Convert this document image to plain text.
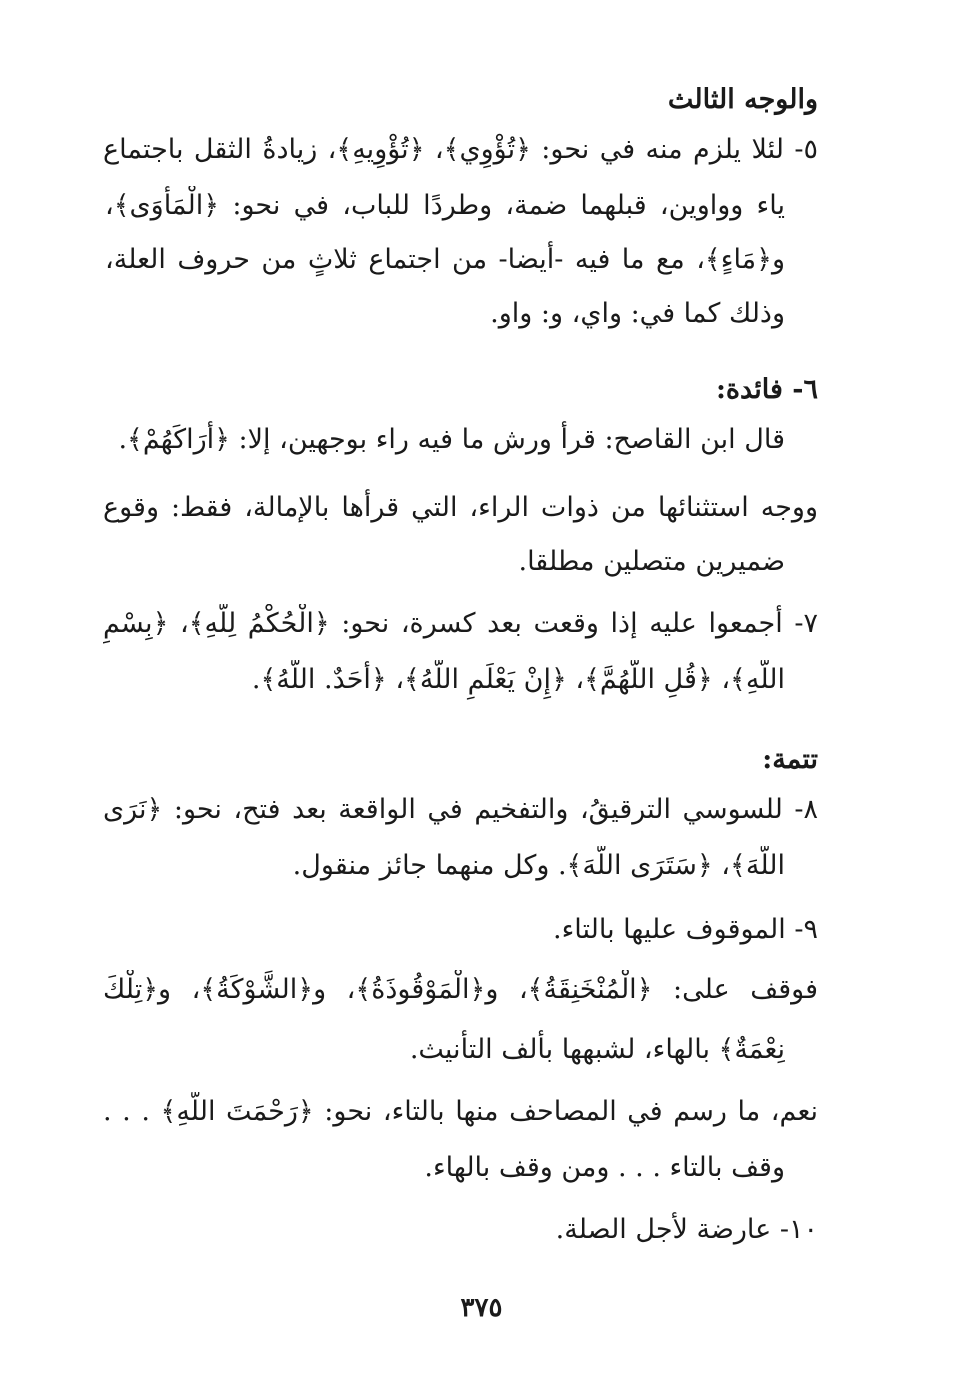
والوجه الثالث
٥- لئلا يلزم منه في نحو: ﴿تُؤْوِي﴾، ﴿تُؤْوِيهِ﴾، زيادةُ الثقل باجتماع
ياء وواوين، قبلهما ضمة، وطردًا للباب، في نحو: ﴿الْمَأْوَى﴾،
و﴿مَاءٍ﴾، مع ما فيه -أيضا- من اجتماع ثلاثٍ من حروف العلة،
وذلك كما في: واي، و: واو.
٦- فائدة:
قال ابن القاصح: قرأ ورش ما فيه راء بوجهين، إلا: ﴿أَرَاكَهُمْ﴾.
ووجه استثنائها من ذوات الراء، التي قرأها بالإمالة، فقط: وقوع
ضميرين متصلين مطلقا.
٧- أجمعوا عليه إذا وقعت بعد كسرة، نحو: ﴿الْحُكْمُ لِلَّهِ﴾، ﴿بِسْمِ
اللَّهِ﴾، ﴿قُلِ اللَّهُمَّ﴾، ﴿إِنْ يَعْلَمِ اللَّهُ﴾، ﴿أَحَدٌ. اللَّهُ﴾.
تتمة:
٨- للسوسي الترقيقُ، والتفخيم في الواقعة بعد فتح، نحو: ﴿نَرَى
اللَّهَ﴾، ﴿سَتَرَى اللَّهَ﴾. وكل منهما جائز منقول.
٩- الموقوف عليها بالتاء.
فوقف على: ﴿الْمُنْخَنِقَةُ﴾، و﴿الْمَوْقُوذَةُ﴾، و﴿الشَّوْكَةُ﴾، و﴿تِلْكَ
نِعْمَةٌ﴾ بالهاء، لشبهها بألف التأنيث.
نعم، ما رسم في المصاحف منها بالتاء، نحو: ﴿رَحْمَتَ اللَّهِ﴾ . . .
وقف بالتاء . . . ومن وقف بالهاء.
١٠- عارضة لأجل الصلة.
٣٧٥
